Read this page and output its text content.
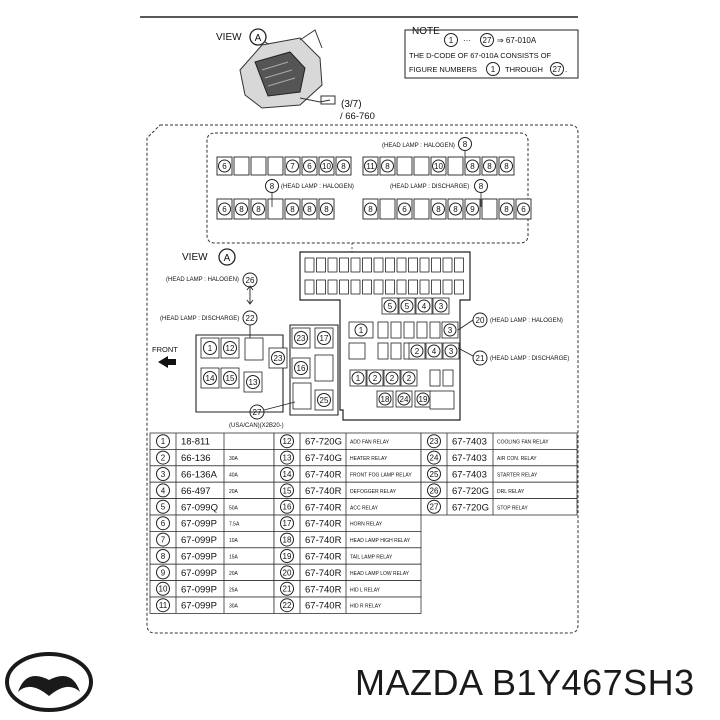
VIEW A
(3/7)
/ 66-760
NOTE
1 ··· 27 ⇒ 67-010A
THE D-CODE OF 67-010A CONSISTS OF
FIGURE NUMBERS 1 THROUGH 27 .
6	7 6 10 8	11 8	10	8 8 8
6 8 8	8 8 8	8	6	8 8 9	8 6
(HEAD LAMP : HALOGEN) 8
8 (HEAD LAMP : HALOGEN)	(HEAD LAMP : DISCHARGE) 8
VIEW A
5 5 4 3
1	3
2 4 3
1 2 2 2
18 24 19
1 12
14 15 13
23 17
23
16
25
(HEAD LAMP : HALOGEN) 26
(HEAD LAMP : DISCHARGE) 22	20 (HEAD LAMP : HALOGEN)
21 (HEAD LAMP : DISCHARGE)
27
(USA/CAN)(X2B20-)
FRONT
1 18-811	12 67-720G ADD FAN RELAY	23 67-7403 COOLING FAN RELAY
2 66-136	30A	13 67-740G HEATER RELAY	24 67-7403 AIR CON. RELAY
3 66-136A 40A	14 67-740R FRONT FOG LAMP RELAY 25 67-7403 STARTER RELAY
4 66-497	20A	15 67-740R DEFOGGER RELAY	26 67-720G DRL RELAY
5 67-099Q 50A	16 67-740R ACC RELAY	27 67-720G STOP RELAY
6 67-099P 7.5A	17 67-740R HORN RELAY
7 67-099P 10A	18 67-740R HEAD LAMP HIGH RELAY
8 67-099P 15A	19 67-740R TAIL LAMP RELAY
9 67-099P 20A	20 67-740R HEAD LAMP LOW RELAY
10 67-099P 25A	21 67-740R HID L RELAY
11 67-099P 30A	22 67-740R HID R RELAY
MAZDA B1Y467SH3
